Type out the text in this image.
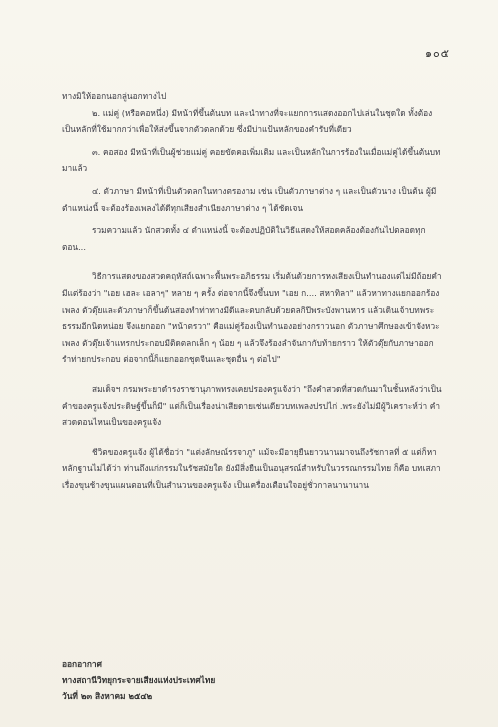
๑๐๕

ทางมิให้ออกนอกลู่นอกทางไป

๒. แม่คู่ (หรือคอหนึ่ง) มีหน้าที่ขึ้นต้นบท และนำทางที่จะแยกการแสดงออกไปเล่นในชุดใด ทั้งต้องเป็นหลักที่ใช้มากกว่าเพื่อให้ส่งขึ้นจากตัวตลกด้วย ซึ่งมีบ่าแป้นหลักของคำรับที่เดียว

๓. คอสอง มีหน้าที่เป็นผู้ช่วยแม่คู่ คอยขัดคอเพิ่มเติม และเป็นหลักในการร้องในเมื่อแม่คู่ได้ขึ้นต้นบทมาแล้ว

๔. ตัวภาษา มีหน้าที่เป็นตัวตลกในทางตรองาม เช่น เป็นตัวภาษาต่าง ๆ และเป็นตัวนาง เป็นต้น ผู้มีตำแหน่งนี้ จะต้องร้องเพลงได้ดีทุกเสียงสำเนียงภาษาต่าง ๆ ได้ชัดเจน

รวมความแล้ว นักสวดทั้ง ๔ ตำแหน่งนี้ จะต้องปฏิบัติในวิธีแสดงให้สอดคล้องต้องกันไปตลอดทุกตอน...

วิธีการแสดงของสวดคฤหัสถ์เฉพาะพื้นพระอภิธรรม เริ่มต้นด้วยการหงเสียงเป็นทำนองแต่ไม่มีถ้อยคำ มีแต่ร้องว่า "เอย เฮละ เอลาๆ" หลาย ๆ ครั้ง ต่อจากนี้จึงขึ้นบท "เอย ก.... สหาทิลา" แล้วหาทางแยกออกร้องเพลง ตัวตุ๊ยและตัวภาษาก็ขึ้นด้นสองทำท่าทางมีดีและตบกลับด้วยตลกิปีพระบังพานหาร แล้วเดินเจ้าบทพระธรรมอีกนิดหน่อย จึงแยกออก "หน้าตรวา" คือแม่คู่ร้องเป็นทำนองอย่างกราวนอก ตัวภาษาศึกษองเข้าจังหวะเพลง ตัวตุ๊ยเจ้าแทรกประกอบมีติดตลกเล็ก ๆ น้อย ๆ แล้วจึงร้องลำจันกากับท้ายกราว ให้ตัวตุ๊ยกับภาษาออกรำท่ายกประกอบ ต่อจากนี้ก็แยกออกชุดจีนและชุดอื่น ๆ ต่อไป"

สมเด็จฯ กรมพระยาดำรงราชานุภาพทรงเคยปรองครูแจ้งว่า "ถึงคำสวดที่สวดกันมาในชั้นหลังว่าเป็นคำของครูแจ้งประดิษฐ์ขึ้นก็มี" แต่ก็เป็นเรื่องน่าเสียดายเช่นเดียวบทเพลงปรปไก่ .พระยังไม่มีผู้วิเคราะห์ว่า คำสวดตอนไหนเป็นของครูแจ้ง

ชีวิตของครูแจ้ง ผู้ได้ชื่อว่า "แต่งลักษณ์รรจาภู" แม้จะมีอายุยืนยาวนานมาจนถึงรัชกาลที่ ๕ แต่ก็หาหลักฐานไม่ได้ว่า ท่านถึงแก่กรรมในรัชสมัยใด ยังมีสิ่งยืนเป็นอนุสรณ์สำหรับในวรรณกรรมไทย ก็คือ บทเสภาเรื่องขุนช้างขุนแผนตอนที่เป็นสำนวนของครูแจ้ง เป็นเครื่องเตือนใจอยู่ชั่วกาลนานานาน

ออกอากาศ

ทางสถานีวิทยุกระจายเสียงแห่งประเทศไทย

วันที่ ๒๓ สิงหาคม ๒๕๔๒
